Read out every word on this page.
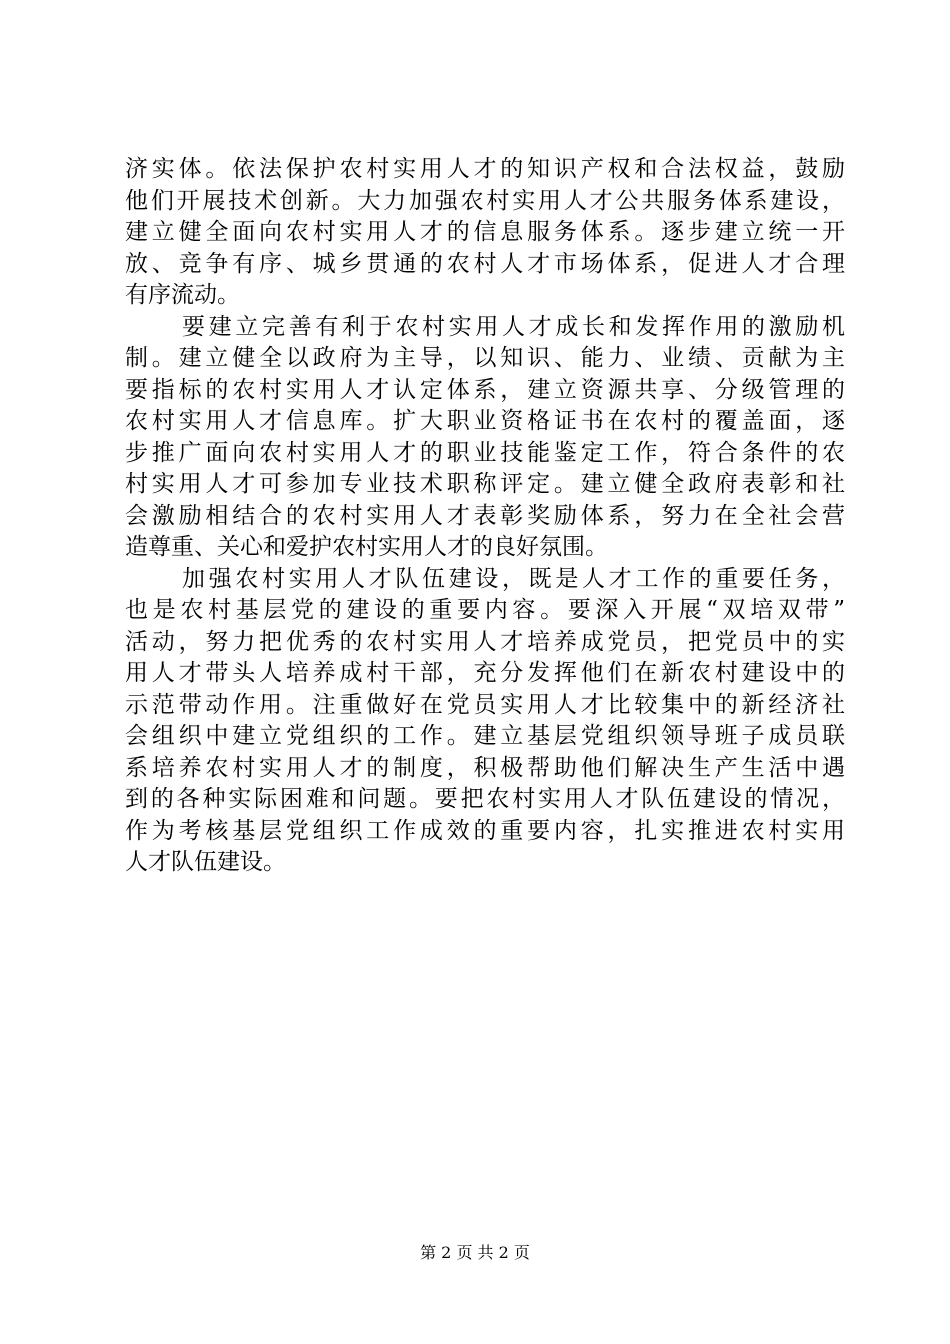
济实体。依法保护农村实用人才的知识产权和合法权益，鼓励
他们开展技术创新。大力加强农村实用人才公共服务体系建设，
建立健全面向农村实用人才的信息服务体系。逐步建立统一开
放、竞争有序、城乡贯通的农村人才市场体系，促进人才合理
有序流动。
要建立完善有利于农村实用人才成长和发挥作用的激励机
制。建立健全以政府为主导，以知识、能力、业绩、贡献为主
要指标的农村实用人才认定体系，建立资源共享、分级管理的
农村实用人才信息库。扩大职业资格证书在农村的覆盖面，逐
步推广面向农村实用人才的职业技能鉴定工作，符合条件的农
村实用人才可参加专业技术职称评定。建立健全政府表彰和社
会激励相结合的农村实用人才表彰奖励体系，努力在全社会营
造尊重、关心和爱护农村实用人才的良好氛围。
加强农村实用人才队伍建设，既是人才工作的重要任务，
也是农村基层党的建设的重要内容。要深入开展“双培双带”
活动，努力把优秀的农村实用人才培养成党员，把党员中的实
用人才带头人培养成村干部，充分发挥他们在新农村建设中的
示范带动作用。注重做好在党员实用人才比较集中的新经济社
会组织中建立党组织的工作。建立基层党组织领导班子成员联
系培养农村实用人才的制度，积极帮助他们解决生产生活中遇
到的各种实际困难和问题。要把农村实用人才队伍建设的情况，
作为考核基层党组织工作成效的重要内容，扎实推进农村实用
人才队伍建设。
第 2 页 共 2 页
